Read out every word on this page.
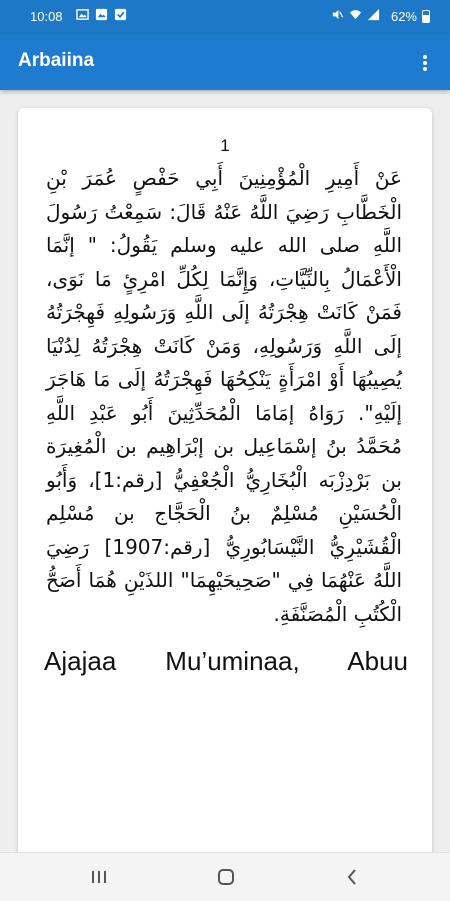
10:08	62%
Arbaiina
1

عَنْ أَمِيرِ الْمُؤْمِنِينَ أَبِي حَفْصٍ عُمَرَ بْنِ الْخَطَّابِ رَضِيَ اللَّهُ عَنْهُ قَالَ: سَمِعْتُ رَسُولَ اللَّهِ صلى الله عليه وسلم يَقُولُ: " إنَّمَا الْأَعْمَالُ بِالنِّيَّاتِ، وَإِنَّمَا لِكُلِّ امْرِئٍ مَا نَوَى، فَمَنْ كَانَتْ هِجْرَتُهُ إلَى اللَّهِ وَرَسُولِهِ فَهِجْرَتُهُ إلَى اللَّهِ وَرَسُولِهِ، وَمَنْ كَانَتْ هِجْرَتُهُ لِدُنْيَا يُصِيبُهَا أَوْ امْرَأَةٍ يَنْكِحُهَا فَهِجْرَتُهُ إلَى مَا هَاجَرَ إلَيْهِ". رَوَاهُ إمَامَا الْمُحَدِّثِينَ أَبُو عَبْدِ اللَّهِ مُحَمَّدُ بنُ إسْمَاعِيل بن إبْرَاهِيم بن الْمُغِيرَة بن بَرْدِزْبَه الْبُخَارِيُّ الْجُعْفِيُّ [رقم:1]، وَأَبُو الْحُسَيْنِ مُسْلِمٌ بنُ الْحَجَّاج بن مُسْلِم الْقُشَيْرِيُّ النَّيْسَابُورِيُّ [رقم:1907] رَضِيَ اللَّهُ عَنْهُمَا فِي "صَحِيحَيْهِمَا" اللذَيْنِ هُمَا أَصَحُّ الْكُتُبِ الْمُصَنَّفَةِ.

Ajajaa Mu’uminaa, Abuu
